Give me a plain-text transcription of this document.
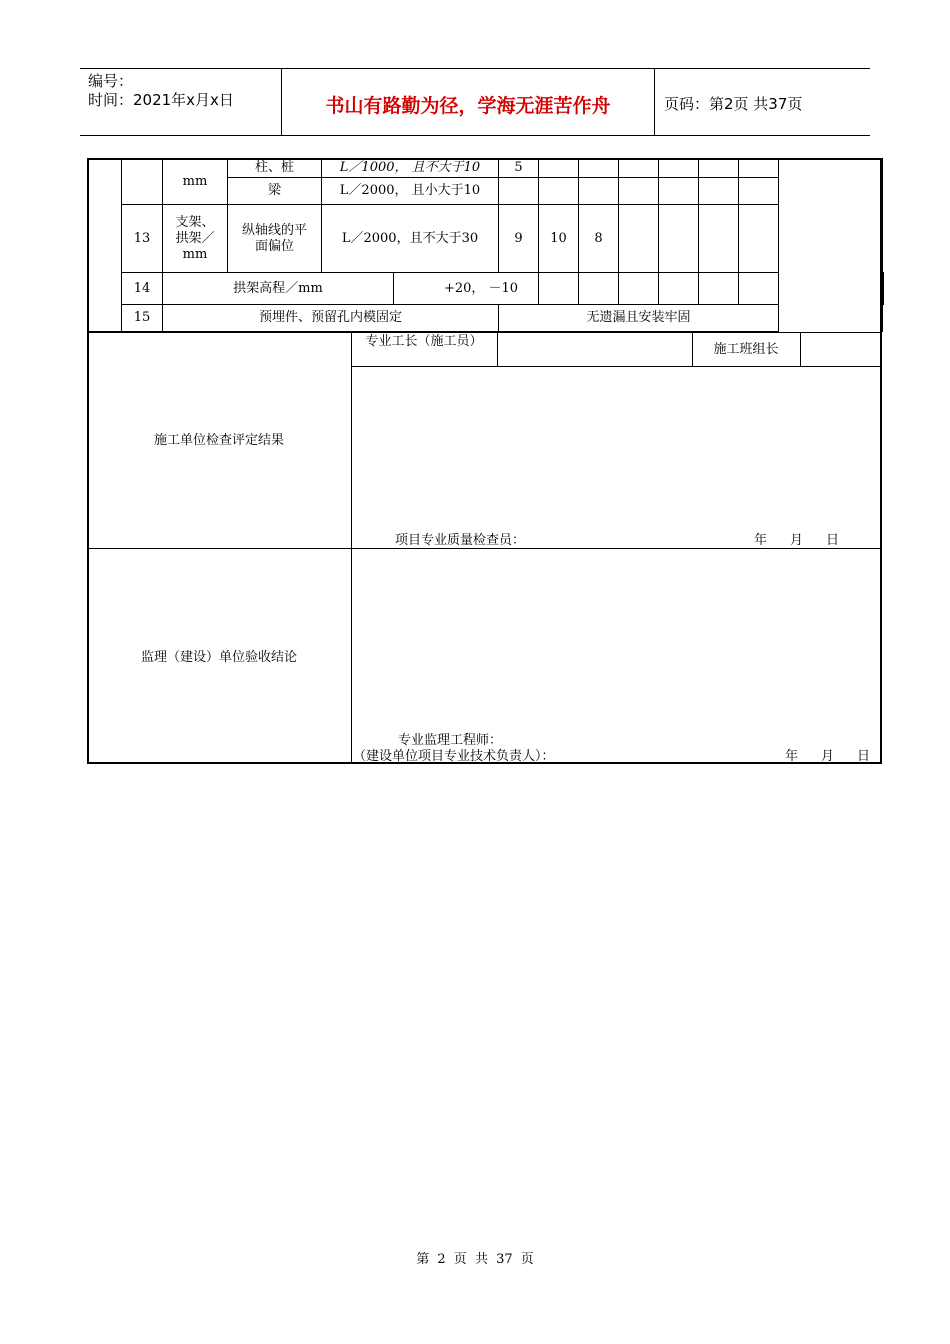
编号：
时间：2021年x月x日	书山有路勤为径，学海无涯苦作舟	页码：第2页 共37页
		mm	柱、桩	L／1000， 且不大于10		5								
			梁	L／2000， 且小大于10										
	13	支架、拱架／mm	纵轴线的平面偏位	L／2000，且不大于30		9	10	8						
	14	拱架高程／mm			+20， －10									
	15	预埋件、预留孔内模固定				无遗漏且安装牢固								
专业工长（施工员）
施工班组长
施工单位检查评定结果
项目专业质量检查员：	年 月 日
监理（建设）单位验收结论
专业监理工程师：
（建设单位项目专业技术负责人）：	年 月 日
第 2 页 共 37 页
